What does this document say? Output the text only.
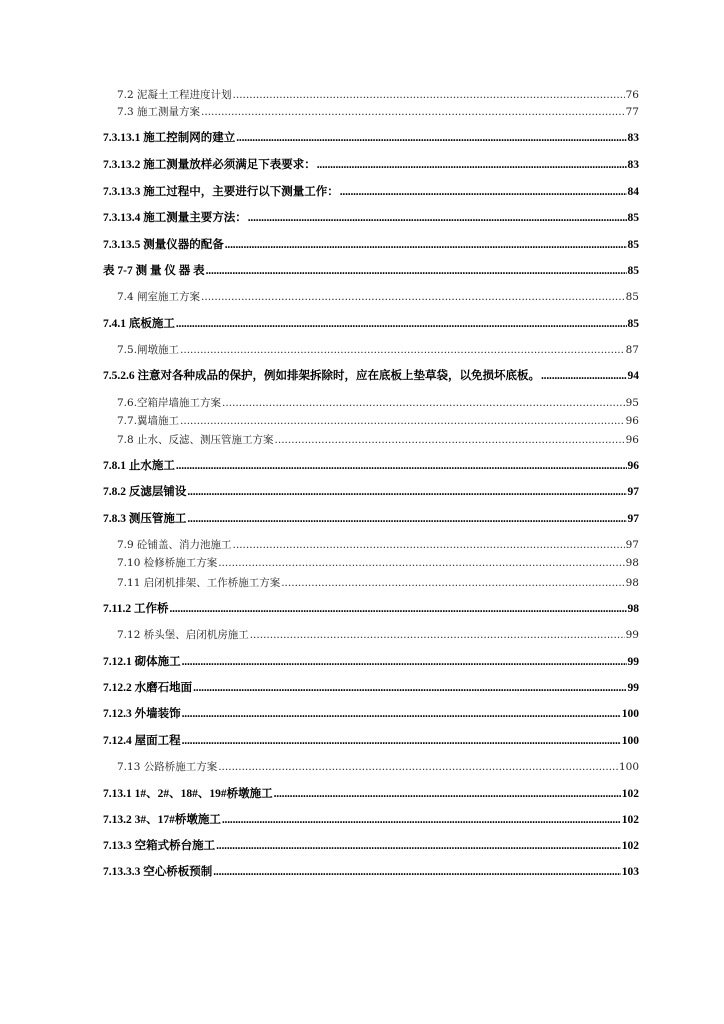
7.2 泥凝土工程进度计划 .....	76
7.3 施工测量方案 .....	77
7.3.13.1 施工控制网的建立 .....	83
7.3.13.2 施工测量放样必须满足下表要求： .....	83
7.3.13.3 施工过程中，主要进行以下测量工作： .....	84
7.3.13.4 施工测量主要方法： .....	85
7.3.13.5 测量仪器的配备 .....	85
表 7-7 测 量 仪 器 表 .....	85
7.4 闸室施工方案 .....	85
7.4.1 底板施工 .....	85
7.5.闸墩施工 .....	87
7.5.2.6 注意对各种成品的保护，例如排架拆除时，应在底板上垫草袋，以免损坏底板。 .....	94
7.6.空箱岸墙施工方案 .....	95
7.7.翼墙施工 .....	96
7.8 止水、反滤、测压管施工方案 .....	96
7.8.1 止水施工 .....	96
7.8.2 反滤层铺设 .....	97
7.8.3 测压管施工 .....	97
7.9 砼铺盖、消力池施工 .....	97
7.10 检修桥施工方案 .....	98
7.11 启闭机排架、工作桥施工方案 .....	98
7.11.2 工作桥 .....	98
7.12 桥头堡、启闭机房施工 .....	99
7.12.1 砌体施工 .....	99
7.12.2 水磨石地面 .....	99
7.12.3 外墙装饰 .....	100
7.12.4 屋面工程 .....	100
7.13 公路桥施工方案 .....	100
7.13.1 1#、2#、18#、19#桥墩施工 .....	102
7.13.2 3#、17#桥墩施工 .....	102
7.13.3 空箱式桥台施工 .....	102
7.13.3.3 空心桥板预制 .....	103
